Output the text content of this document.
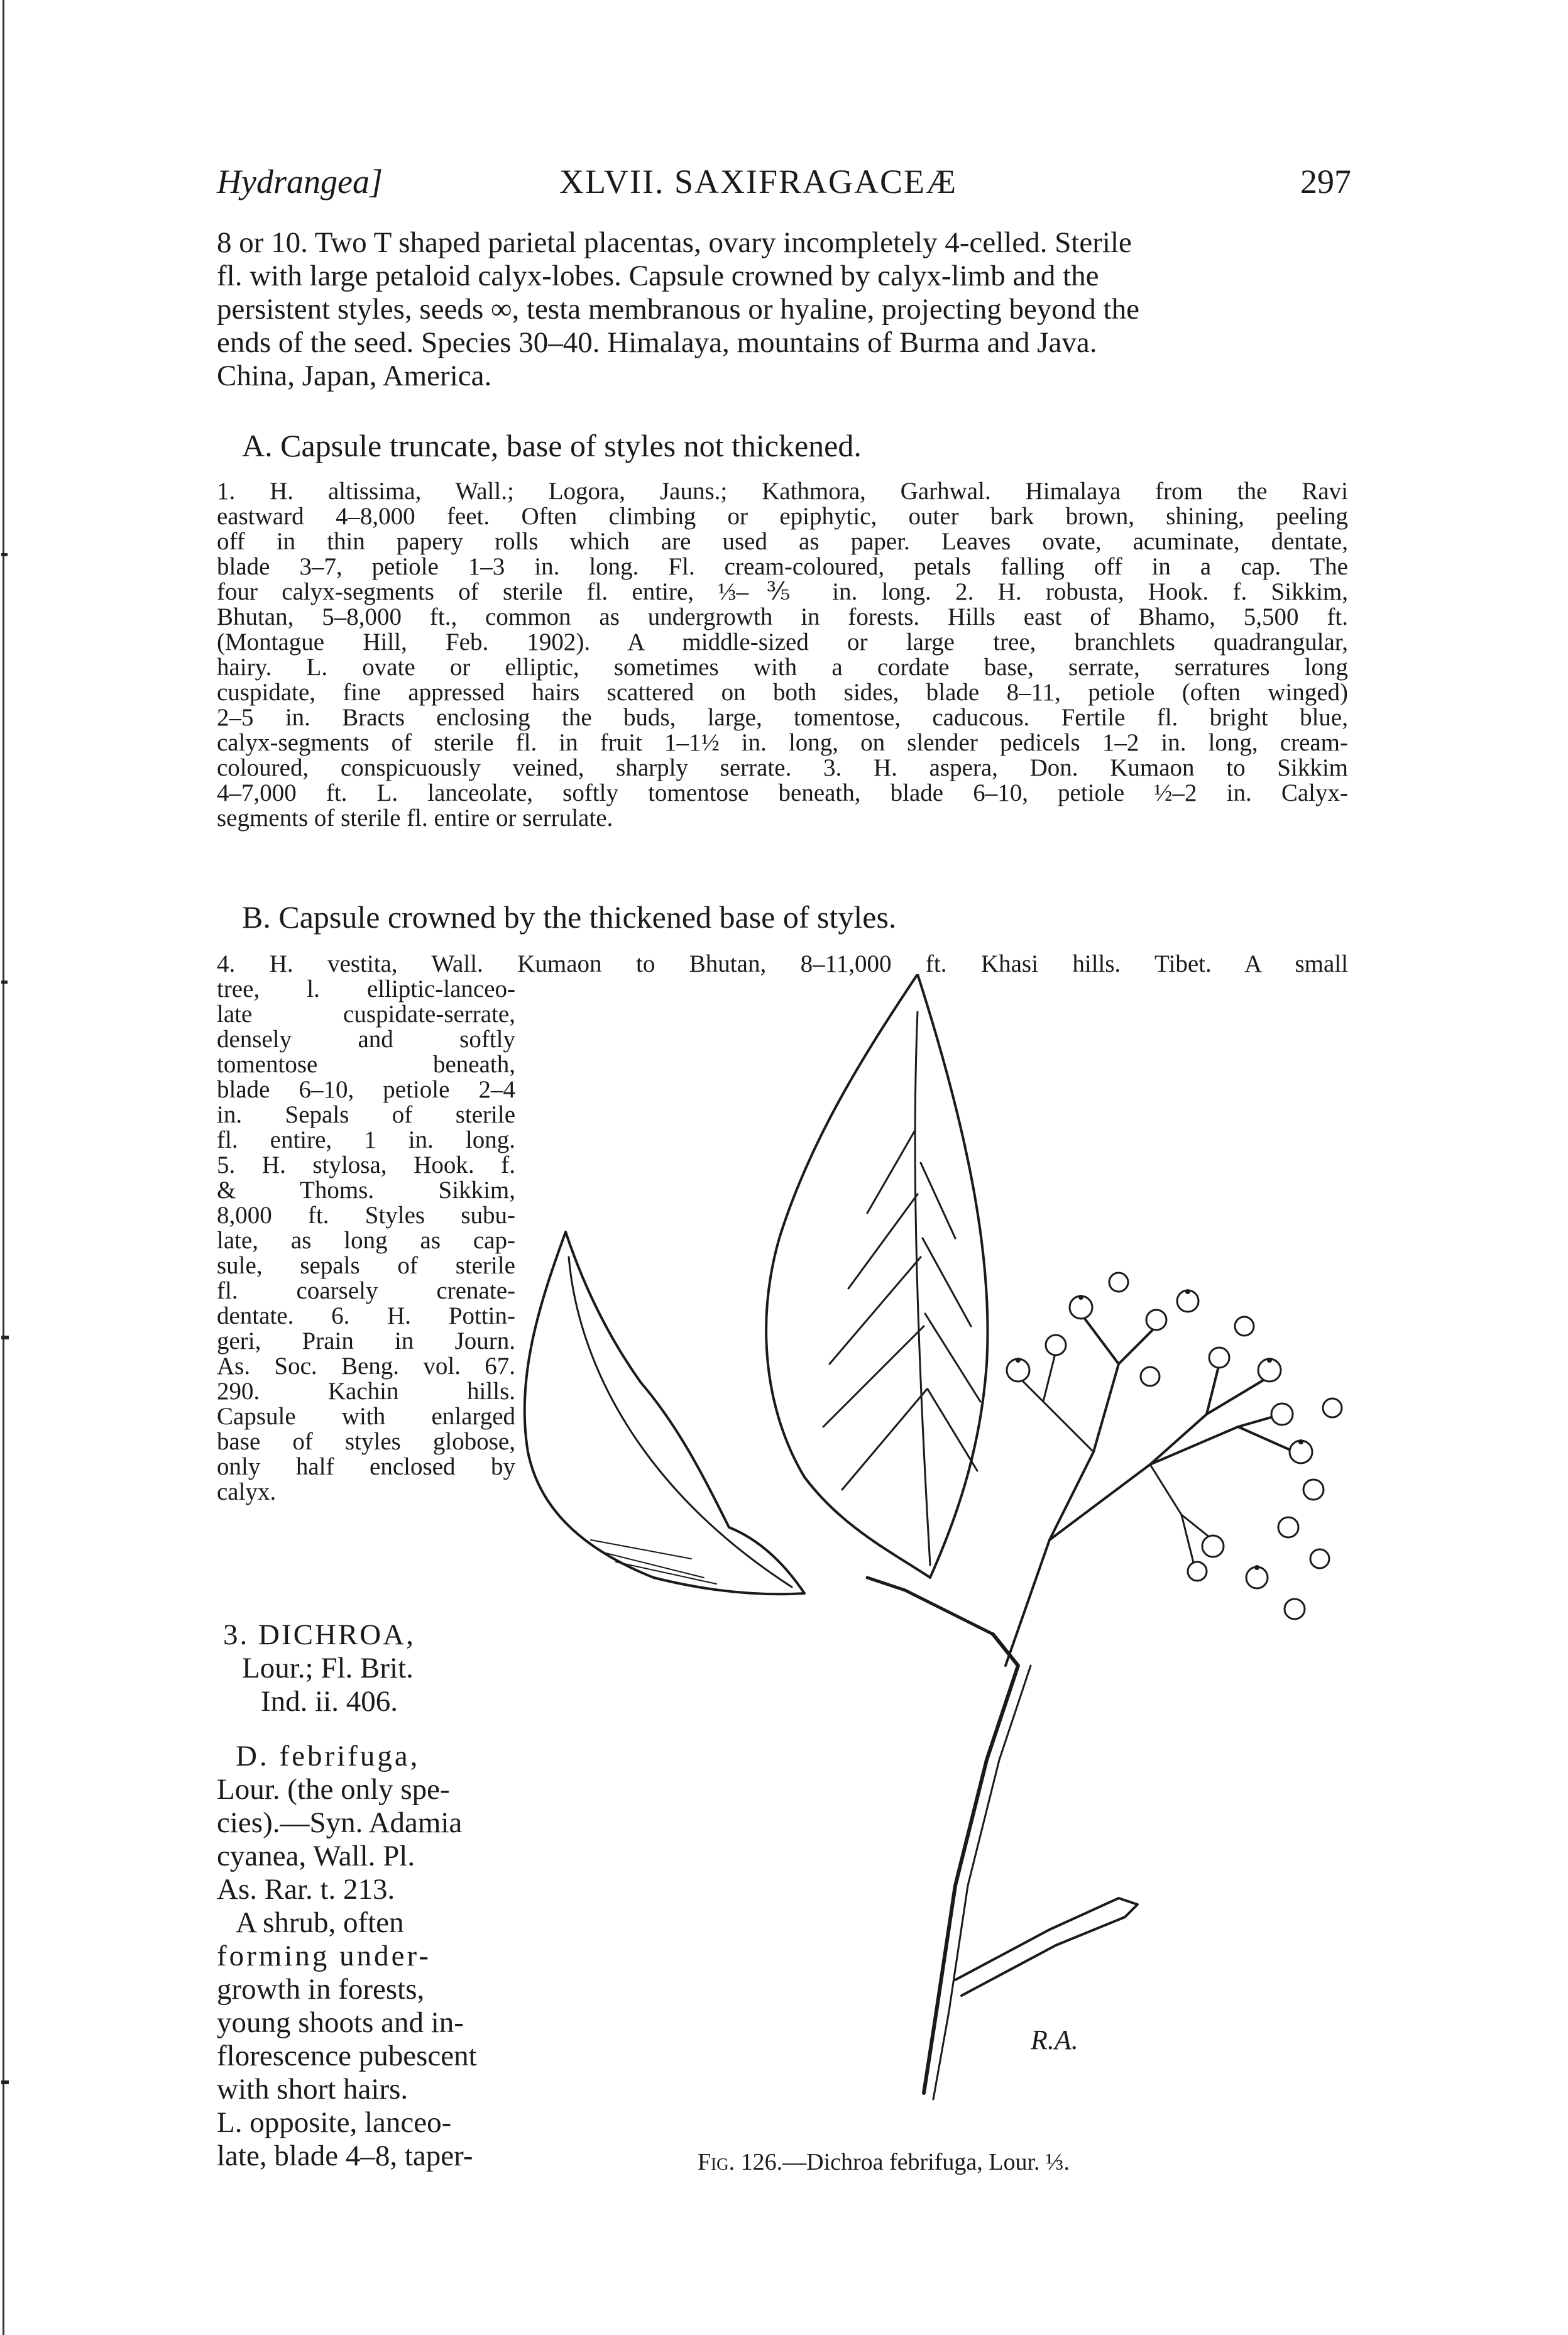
Hydrangea]	XLVII. SAXIFRAGACEÆ	297
8 or 10. Two T shaped parietal placentas, ovary incompletely 4-celled. Sterile
fl. with large petaloid calyx-lobes. Capsule crowned by calyx-limb and the
persistent styles, seeds ∞, testa membranous or hyaline, projecting beyond the
ends of the seed. Species 30–40. Himalaya, mountains of Burma and Java.
China, Japan, America.
A. Capsule truncate, base of styles not thickened.
1. H. altissima, Wall.; Logora, Jauns.; Kathmora, Garhwal. Himalaya from the Ravi
eastward 4–8,000 feet. Often climbing or epiphytic, outer bark brown, shining, peeling
off in thin papery rolls which are used as paper. Leaves ovate, acuminate, dentate,
blade 3–7, petiole 1–3 in. long. Fl. cream-coloured, petals falling off in a cap. The
four calyx-segments of sterile fl. entire, ⅓–⅗ in. long. 2. H. robusta, Hook. f. Sikkim,
Bhutan, 5–8,000 ft., common as undergrowth in forests. Hills east of Bhamo, 5,500 ft.
(Montague Hill, Feb. 1902). A middle-sized or large tree, branchlets quadrangular,
hairy. L. ovate or elliptic, sometimes with a cordate base, serrate, serratures long
cuspidate, fine appressed hairs scattered on both sides, blade 8–11, petiole (often winged)
2–5 in. Bracts enclosing the buds, large, tomentose, caducous. Fertile fl. bright blue,
calyx-segments of sterile fl. in fruit 1–1½ in. long, on slender pedicels 1–2 in. long, cream-
coloured, conspicuously veined, sharply serrate. 3. H. aspera, Don. Kumaon to Sikkim
4–7,000 ft. L. lanceolate, softly tomentose beneath, blade 6–10, petiole ½–2 in. Calyx-
segments of sterile fl. entire or serrulate.
B. Capsule crowned by the thickened base of styles.
4. H. vestita, Wall. Kumaon to Bhutan, 8–11,000 ft. Khasi hills. Tibet. A small
tree, l. elliptic-lanceo-
late cuspidate-serrate,
densely and softly
tomentose beneath,
blade 6–10, petiole 2–4
in. Sepals of sterile
fl. entire, 1 in. long.
5. H. stylosa, Hook. f.
& Thoms. Sikkim,
8,000 ft. Styles subu-
late, as long as cap-
sule, sepals of sterile
fl. coarsely crenate-
dentate. 6. H. Pottin-
geri, Prain in Journ.
As. Soc. Beng. vol. 67.
290. Kachin hills.
Capsule with enlarged
base of styles globose,
only half enclosed by
calyx.
3. DICHROA,
Lour.; Fl. Brit.
Ind. ii. 406.
D. febrifuga,
Lour. (the only spe-
cies).—Syn. Adamia
cyanea, Wall. Pl.
As. Rar. t. 213.
A shrub, often
forming under-
growth in forests,
young shoots and in-
florescence pubescent
with short hairs.
L. opposite, lanceo-
late, blade 4–8, taper-
R.A.
Fig. 126.—Dichroa febrifuga, Lour. ⅓.
